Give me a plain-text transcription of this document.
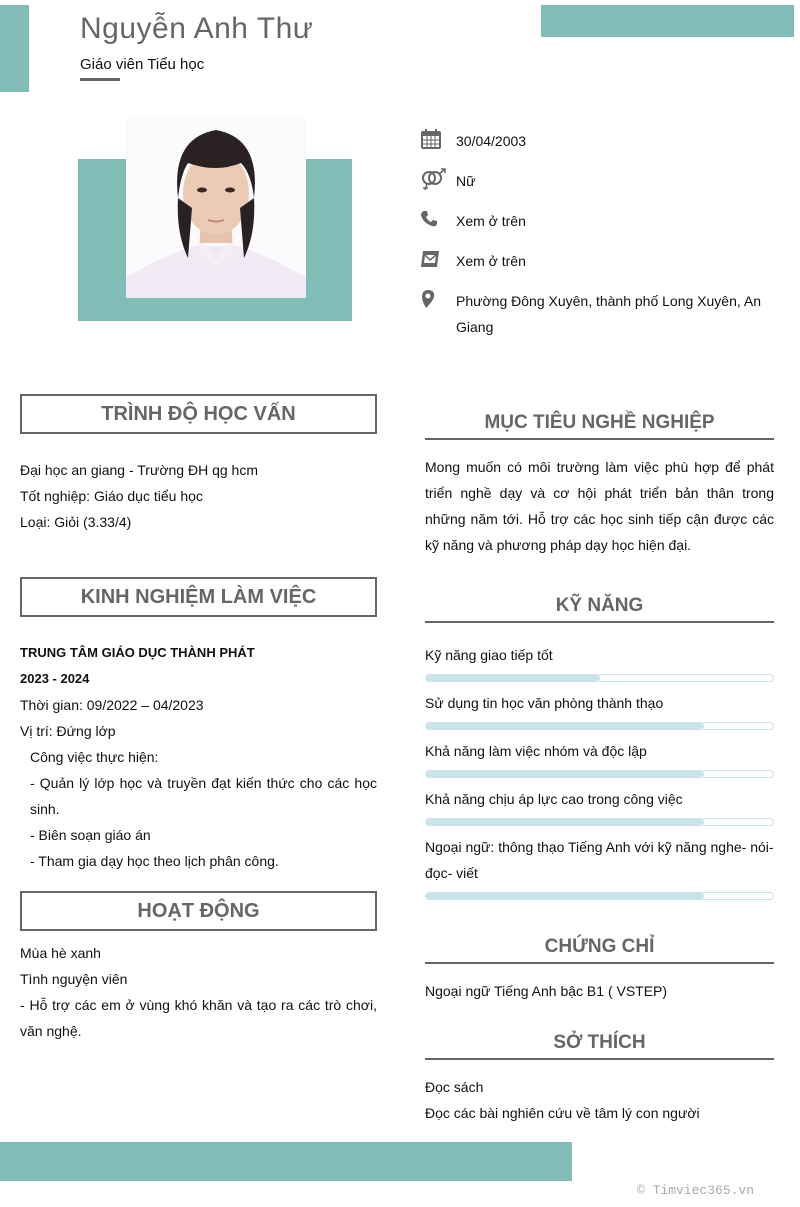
Nguyễn Anh Thư
Giáo viên Tiểu học
30/04/2003
Nữ
Xem ở trên
Xem ở trên
Phường Đông Xuyên, thành phố Long Xuyên, An Giang
TRÌNH ĐỘ HỌC VẤN
Đại học an giang - Trường ĐH qg hcm
Tốt nghiệp: Giáo dục tiểu học
Loại: Giỏi (3.33/4)
KINH NGHIỆM LÀM VIỆC
TRUNG TÂM GIÁO DỤC THÀNH PHÁT
2023 - 2024
Thời gian: 09/2022 – 04/2023
Vị trí: Đứng lớp
Công việc thực hiện:
- Quản lý lớp học và truyền đạt kiến thức cho các học sinh.
- Biên soạn giáo án
- Tham gia dạy học theo lịch phân công.
HOẠT ĐỘNG
Mùa hè xanh
Tình nguyện viên
- Hỗ trợ các em ở vùng khó khăn và tạo ra các trò chơi, văn nghệ.
MỤC TIÊU NGHỀ NGHIỆP
Mong muốn có môi trường làm việc phù hợp để phát triển nghề dạy và cơ hội phát triển bản thân trong những năm tới. Hỗ trợ các học sinh tiếp cận được các kỹ năng và phương pháp dạy học hiện đại.
KỸ NĂNG
Kỹ năng giao tiếp tốt
Sử dụng tin học văn phòng thành thạo
Khả năng làm việc nhóm và độc lập
Khả năng chịu áp lực cao trong công việc
Ngoại ngữ: thông thạo Tiếng Anh với kỹ năng nghe- nói- đọc- viết
CHỨNG CHỈ
Ngoại ngữ Tiếng Anh bậc B1 ( VSTEP)
SỞ THÍCH
Đọc sách
Đọc các bài nghiên cứu về tâm lý con người
© Timviec365.vn
